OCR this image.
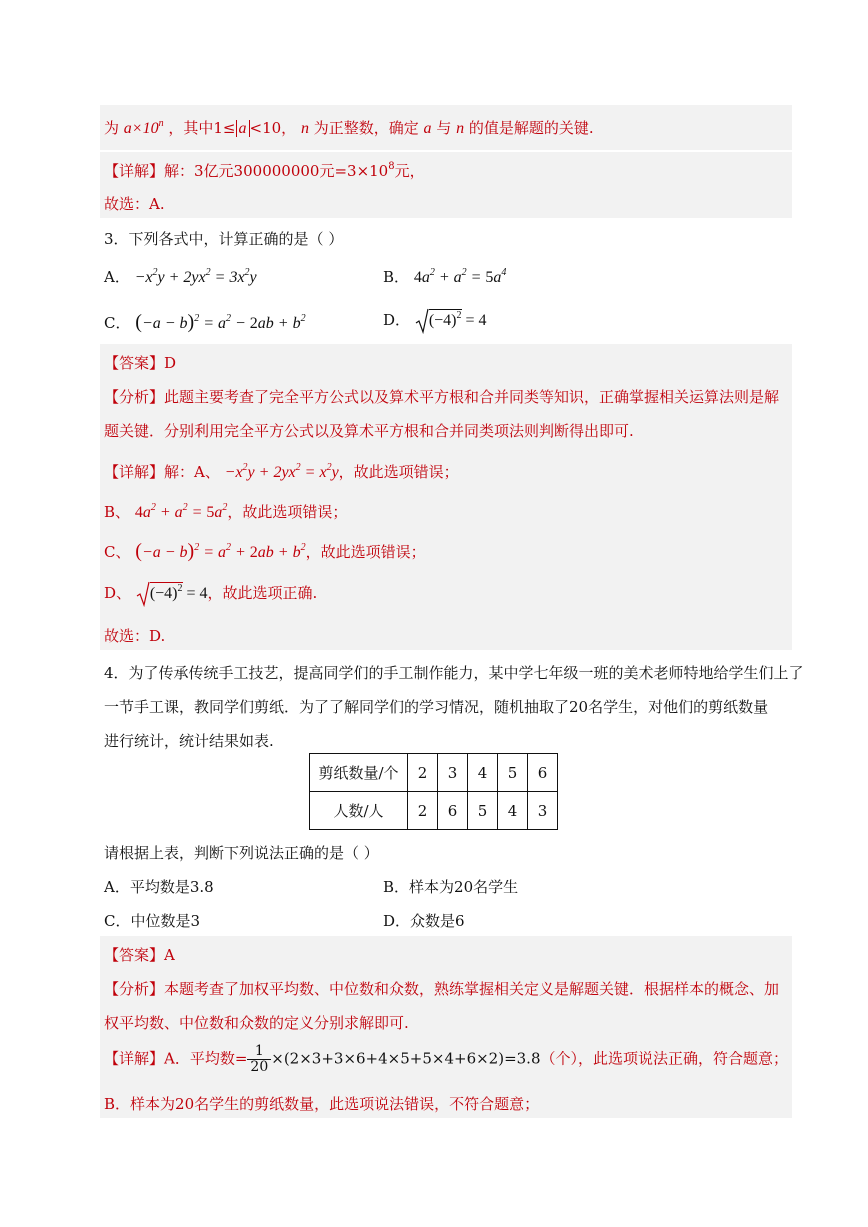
为 $a\times 10^n$ ，其中1≤ a <10， n 为正整数，确定 a 与 n 的值是解题的关键.
【详解】解：3亿元300000000元$=3\times 10^8$元，
故选：A.
3．下列各式中，计算正确的是（ ）
A． $-x^2y + 2yx^2 = 3x^2y$	B． $4a^2 + a^2 = 5a^4$
C． $(-a - b)^2 = a^2 - 2ab + b^2$	D． $(-4)^2 = 4$
【答案】D
【分析】此题主要考查了完全平方公式以及算术平方根和合并同类等知识，正确掌握相关运算法则是解
题关键．分别利用完全平方公式以及算术平方根和合并同类项法则判断得出即可.
【详解】解：A、 $-x^2y + 2yx^2 = x^2y$，故此选项错误；
B、 $4a^2 + a^2 = 5a^2$，故此选项错误；
C、 $(-a - b)^2 = a^2 + 2ab + b^2$，故此选项错误；
D、 $(-4)^2 = 4$，故此选项正确.
故选：D.
4．为了传承传统手工技艺，提高同学们的手工制作能力，某中学七年级一班的美术老师特地给学生们上了
一节手工课，教同学们剪纸．为了了解同学们的学习情况，随机抽取了20名学生，对他们的剪纸数量
进行统计，统计结果如表.
剪纸数量/个	2	3	4	5	6
人数/人	2	6	5	4	3
请根据上表，判断下列说法正确的是（ ）
A．平均数是3.8	B．样本为20名学生
C．中位数是3	D．众数是6
【答案】A
【分析】本题考查了加权平均数、中位数和众数，熟练掌握相关定义是解题关键．根据样本的概念、加
权平均数、中位数和众数的定义分别求解即可.
【详解】A．平均数= $\frac{1}{20} \times(2\times 3+3\times 6+4\times 5+5\times 4+6\times 2)=3.8$（个），此选项说法正确，符合题意；
B．样本为20名学生的剪纸数量，此选项说法错误，不符合题意；
